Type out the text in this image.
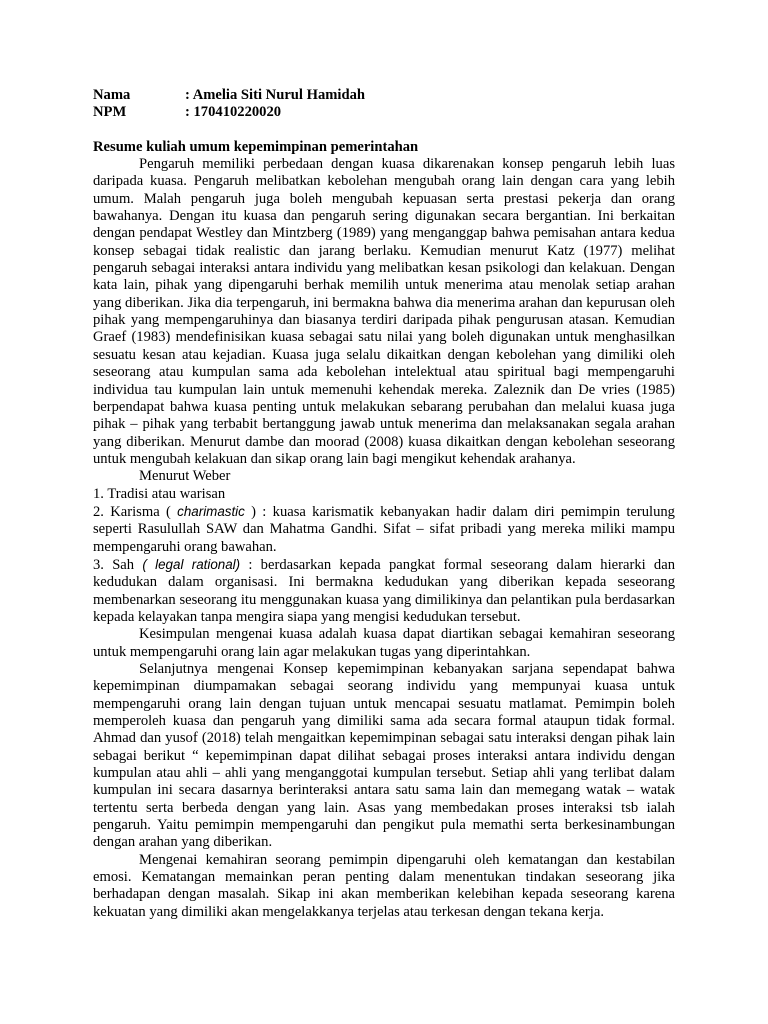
Nama	: Amelia Siti Nurul Hamidah
NPM	: 170410220020
Resume kuliah umum kepemimpinan pemerintahan

Pengaruh memiliki perbedaan dengan kuasa dikarenakan konsep pengaruh lebih luas daripada kuasa. Pengaruh melibatkan kebolehan mengubah orang lain dengan cara yang lebih umum. Malah pengaruh juga boleh mengubah kepuasan serta prestasi pekerja dan orang bawahanya. Dengan itu kuasa dan pengaruh sering digunakan secara bergantian. Ini berkaitan dengan pendapat Westley dan Mintzberg (1989) yang menganggap bahwa pemisahan antara kedua konsep sebagai tidak realistic dan jarang berlaku. Kemudian menurut Katz (1977) melihat pengaruh sebagai interaksi antara individu yang melibatkan kesan psikologi dan kelakuan. Dengan kata lain, pihak yang dipengaruhi berhak memilih untuk menerima atau menolak setiap arahan yang diberikan. Jika dia terpengaruh, ini bermakna bahwa dia menerima arahan dan kepurusan oleh pihak yang mempengaruhinya dan biasanya terdiri daripada pihak pengurusan atasan. Kemudian Graef (1983) mendefinisikan kuasa sebagai satu nilai yang boleh digunakan untuk menghasilkan sesuatu kesan atau kejadian. Kuasa juga selalu dikaitkan dengan kebolehan yang dimiliki oleh seseorang atau kumpulan sama ada kebolehan intelektual atau spiritual bagi mempengaruhi individua tau kumpulan lain untuk memenuhi kehendak mereka. Zaleznik dan De vries (1985) berpendapat bahwa kuasa penting untuk melakukan sebarang perubahan dan melalui kuasa juga pihak – pihak yang terbabit bertanggung jawab untuk menerima dan melaksanakan segala arahan yang diberikan. Menurut dambe dan moorad (2008) kuasa dikaitkan dengan kebolehan seseorang untuk mengubah kelakuan dan sikap orang lain bagi mengikut kehendak arahanya.

Menurut Weber

1. Tradisi atau warisan

2. Karisma ( charimastic ) : kuasa karismatik kebanyakan hadir dalam diri pemimpin terulung seperti Rasulullah SAW dan Mahatma Gandhi. Sifat – sifat pribadi yang mereka miliki mampu mempengaruhi orang bawahan.

3. Sah ( legal rational) : berdasarkan kepada pangkat formal seseorang dalam hierarki dan kedudukan dalam organisasi. Ini bermakna kedudukan yang diberikan kepada seseorang membenarkan seseorang itu menggunakan kuasa yang dimilikinya dan pelantikan pula berdasarkan kepada kelayakan tanpa mengira siapa yang mengisi kedudukan tersebut.

Kesimpulan mengenai kuasa adalah kuasa dapat diartikan sebagai kemahiran seseorang untuk mempengaruhi orang lain agar melakukan tugas yang diperintahkan.

Selanjutnya mengenai Konsep kepemimpinan kebanyakan sarjana sependapat bahwa kepemimpinan diumpamakan sebagai seorang individu yang mempunyai kuasa untuk mempengaruhi orang lain dengan tujuan untuk mencapai sesuatu matlamat. Pemimpin boleh memperoleh kuasa dan pengaruh yang dimiliki sama ada secara formal ataupun tidak formal. Ahmad dan yusof (2018) telah mengaitkan kepemimpinan sebagai satu interaksi dengan pihak lain sebagai berikut “ kepemimpinan dapat dilihat sebagai proses interaksi antara individu dengan kumpulan atau ahli – ahli yang menganggotai kumpulan tersebut. Setiap ahli yang terlibat dalam kumpulan ini secara dasarnya berinteraksi antara satu sama lain dan memegang watak – watak tertentu serta berbeda dengan yang lain. Asas yang membedakan proses interaksi tsb ialah pengaruh. Yaitu pemimpin mempengaruhi dan pengikut pula memathi serta berkesinambungan dengan arahan yang diberikan.

Mengenai kemahiran seorang pemimpin dipengaruhi oleh kematangan dan kestabilan emosi. Kematangan memainkan peran penting dalam menentukan tindakan seseorang jika berhadapan dengan masalah. Sikap ini akan memberikan kelebihan kepada seseorang karena kekuatan yang dimiliki akan mengelakkanya terjelas atau terkesan dengan tekana kerja.
